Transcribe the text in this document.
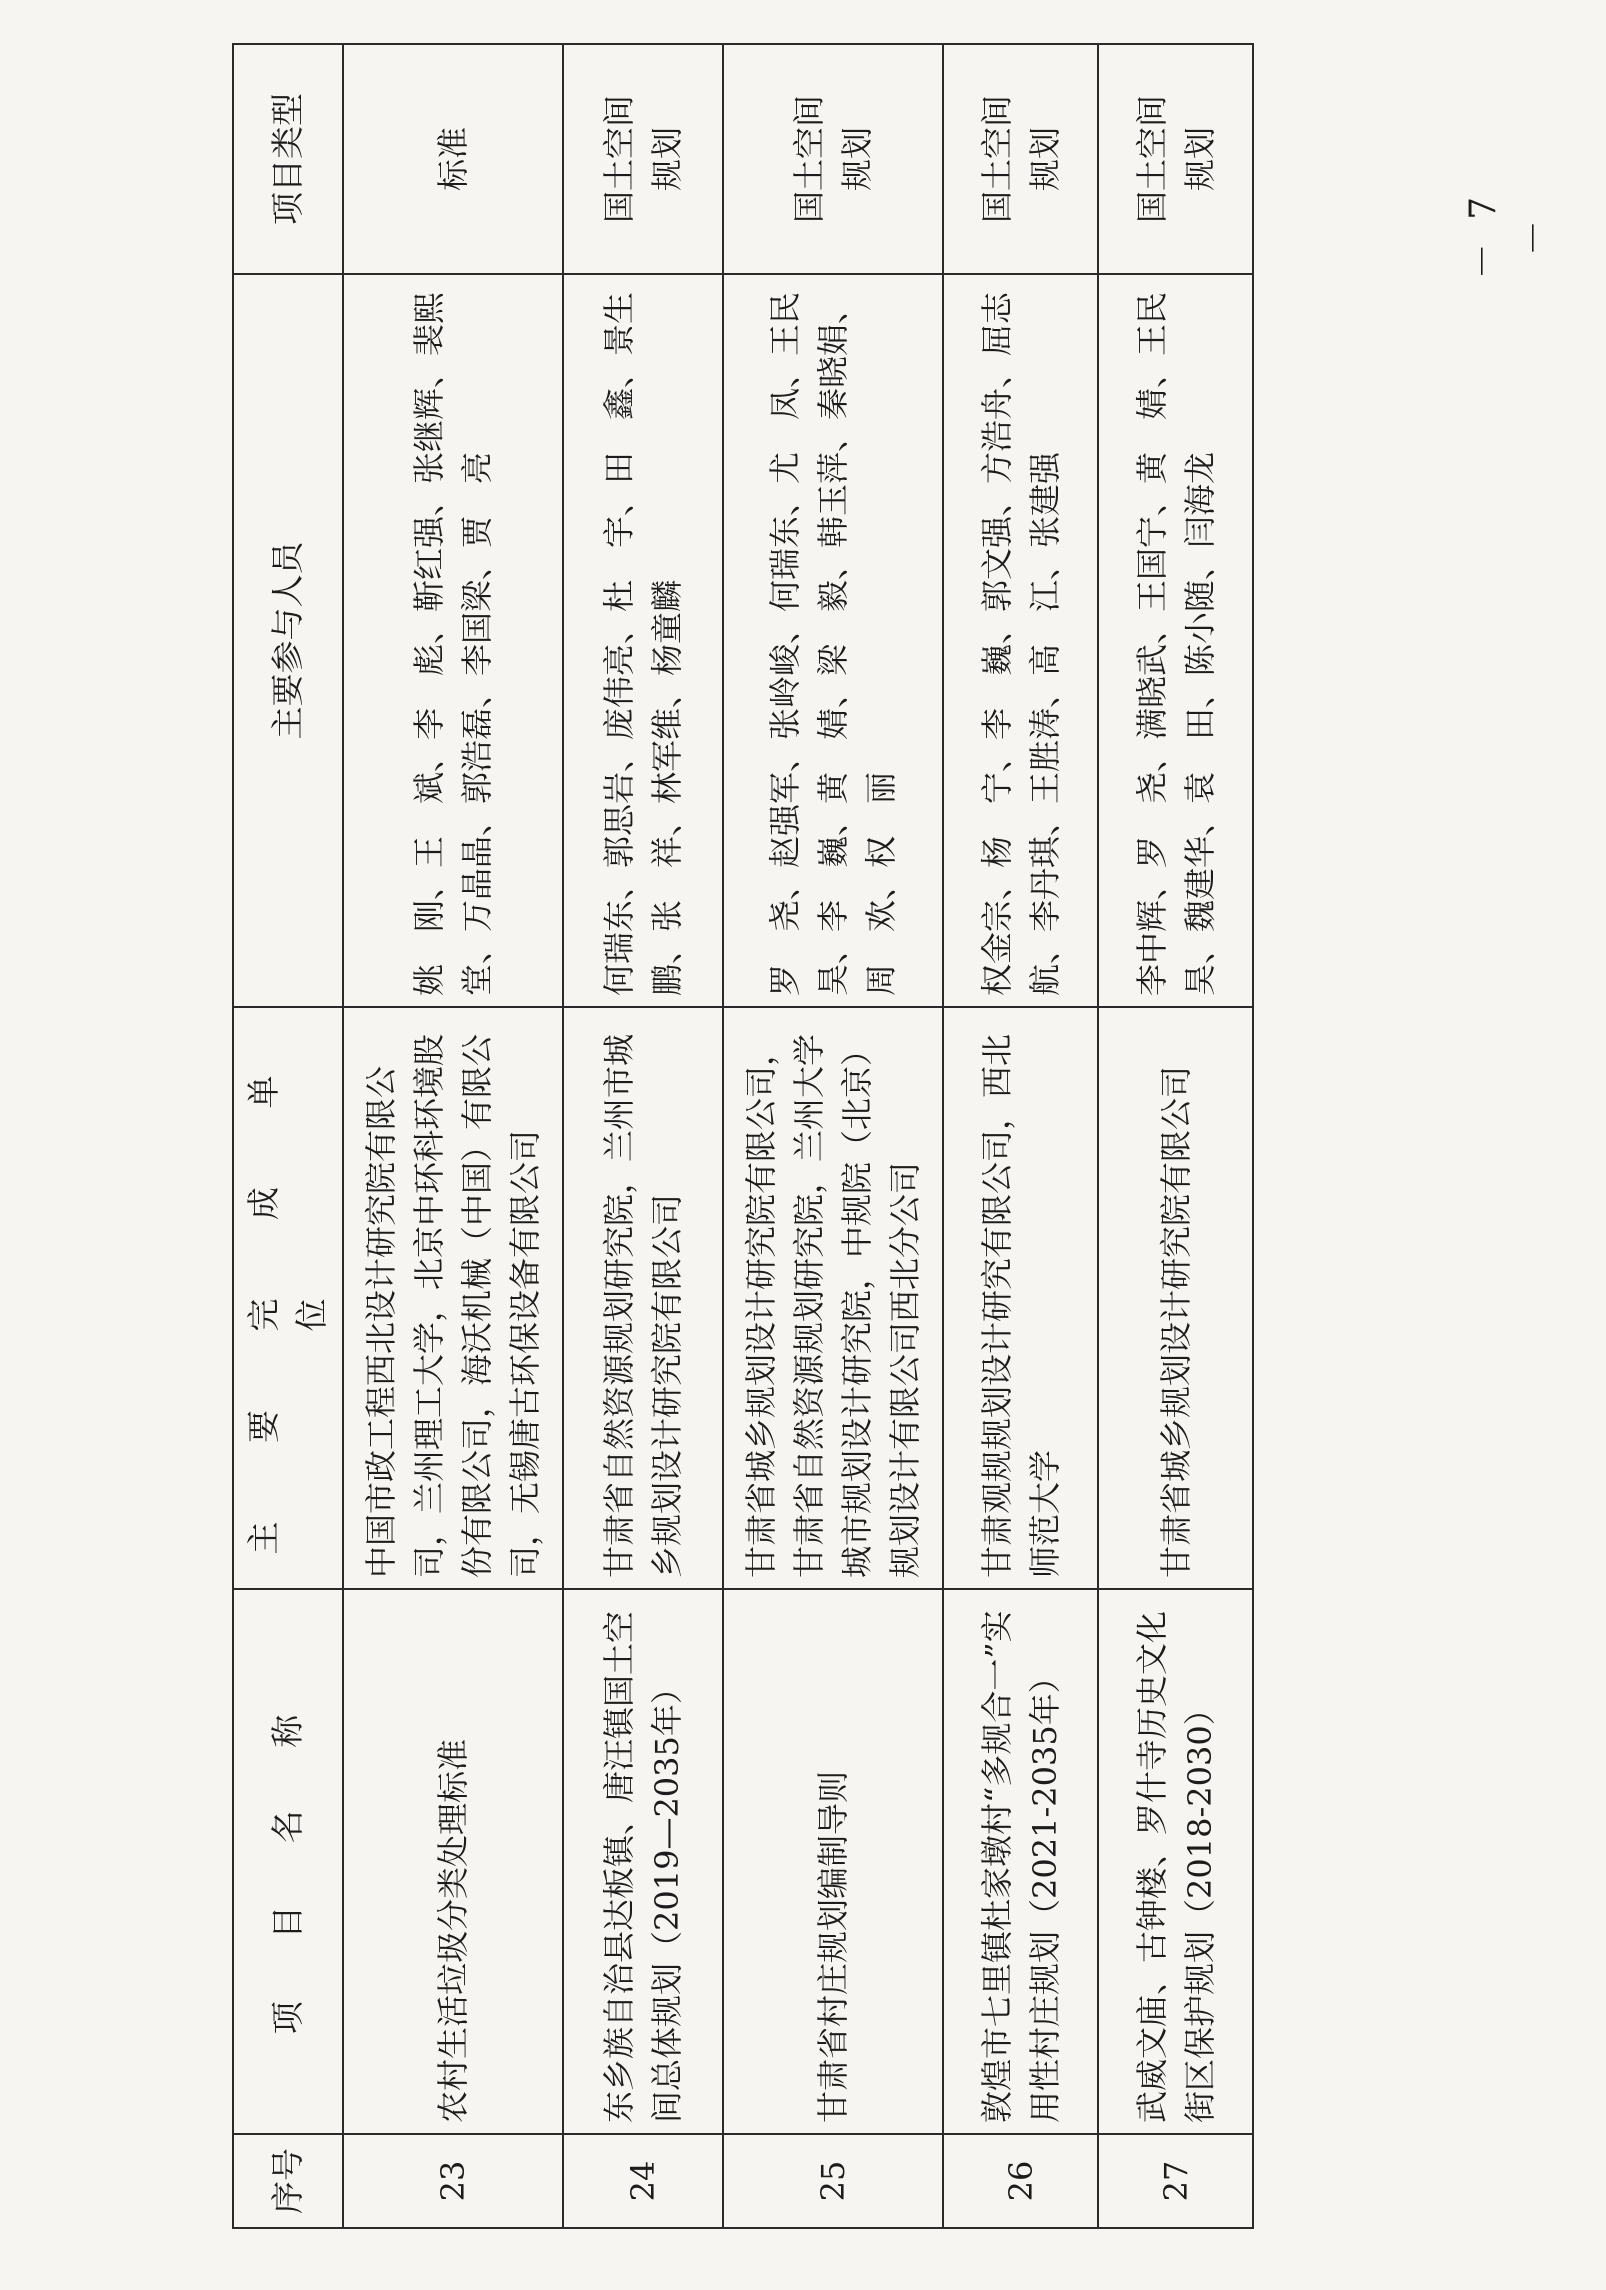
序号	项 目 名 称	主 要 完 成 单 位	主要参与人员	项目类型
23	农村生活垃圾分类处理标准	中国市政工程西北设计研究院有限公司，兰州理工大学，北京中环科环境股份有限公司，海沃机械（中国）有限公司，无锡唐古环保设备有限公司	姚　刚、王　斌、李　彪、靳红强、张继辉、裴熙堂、万晶晶、郭浩磊、李国梁、贾　亮	标准
24	东乡族自治县达板镇、唐汪镇国土空间总体规划（2019—2035年）	甘肃省自然资源规划研究院，兰州市城乡规划设计研究院有限公司	何瑞东、郭思岩、庞伟亮、杜　宇、田　鑫、景生鹏、张　祥、林军维、杨童麟	国土空间规划
25	甘肃省村庄规划编制导则	甘肃省城乡规划设计研究院有限公司，甘肃省自然资源规划研究院，兰州大学城市规划设计研究院，中规院（北京）规划设计有限公司西北分公司	罗　尧、赵强军、张岭峻、何瑞东、尤　凤、王民昊、李　巍、黄　婧、梁　毅、韩玉萍、秦晓娟、周　欢、权　丽	国土空间规划
26	敦煌市七里镇杜家墩村“多规合一”实用性村庄规划（2021-2035年）	甘肃观规规划设计研究有限公司，西北师范大学	权金宗、杨　宁、李　巍、郭文强、方浩舟、屈志航、李丹琪、王胜涛、高　江、张建强	国土空间规划
27	武威文庙、古钟楼、罗什寺历史文化街区保护规划（2018-2030）	甘肃省城乡规划设计研究院有限公司	李中辉、罗　尧、满晓武、王国宁、黄　婧、王民昊、魏建华、袁　田、陈小随、闫海龙	国土空间规划
－ 7 －
